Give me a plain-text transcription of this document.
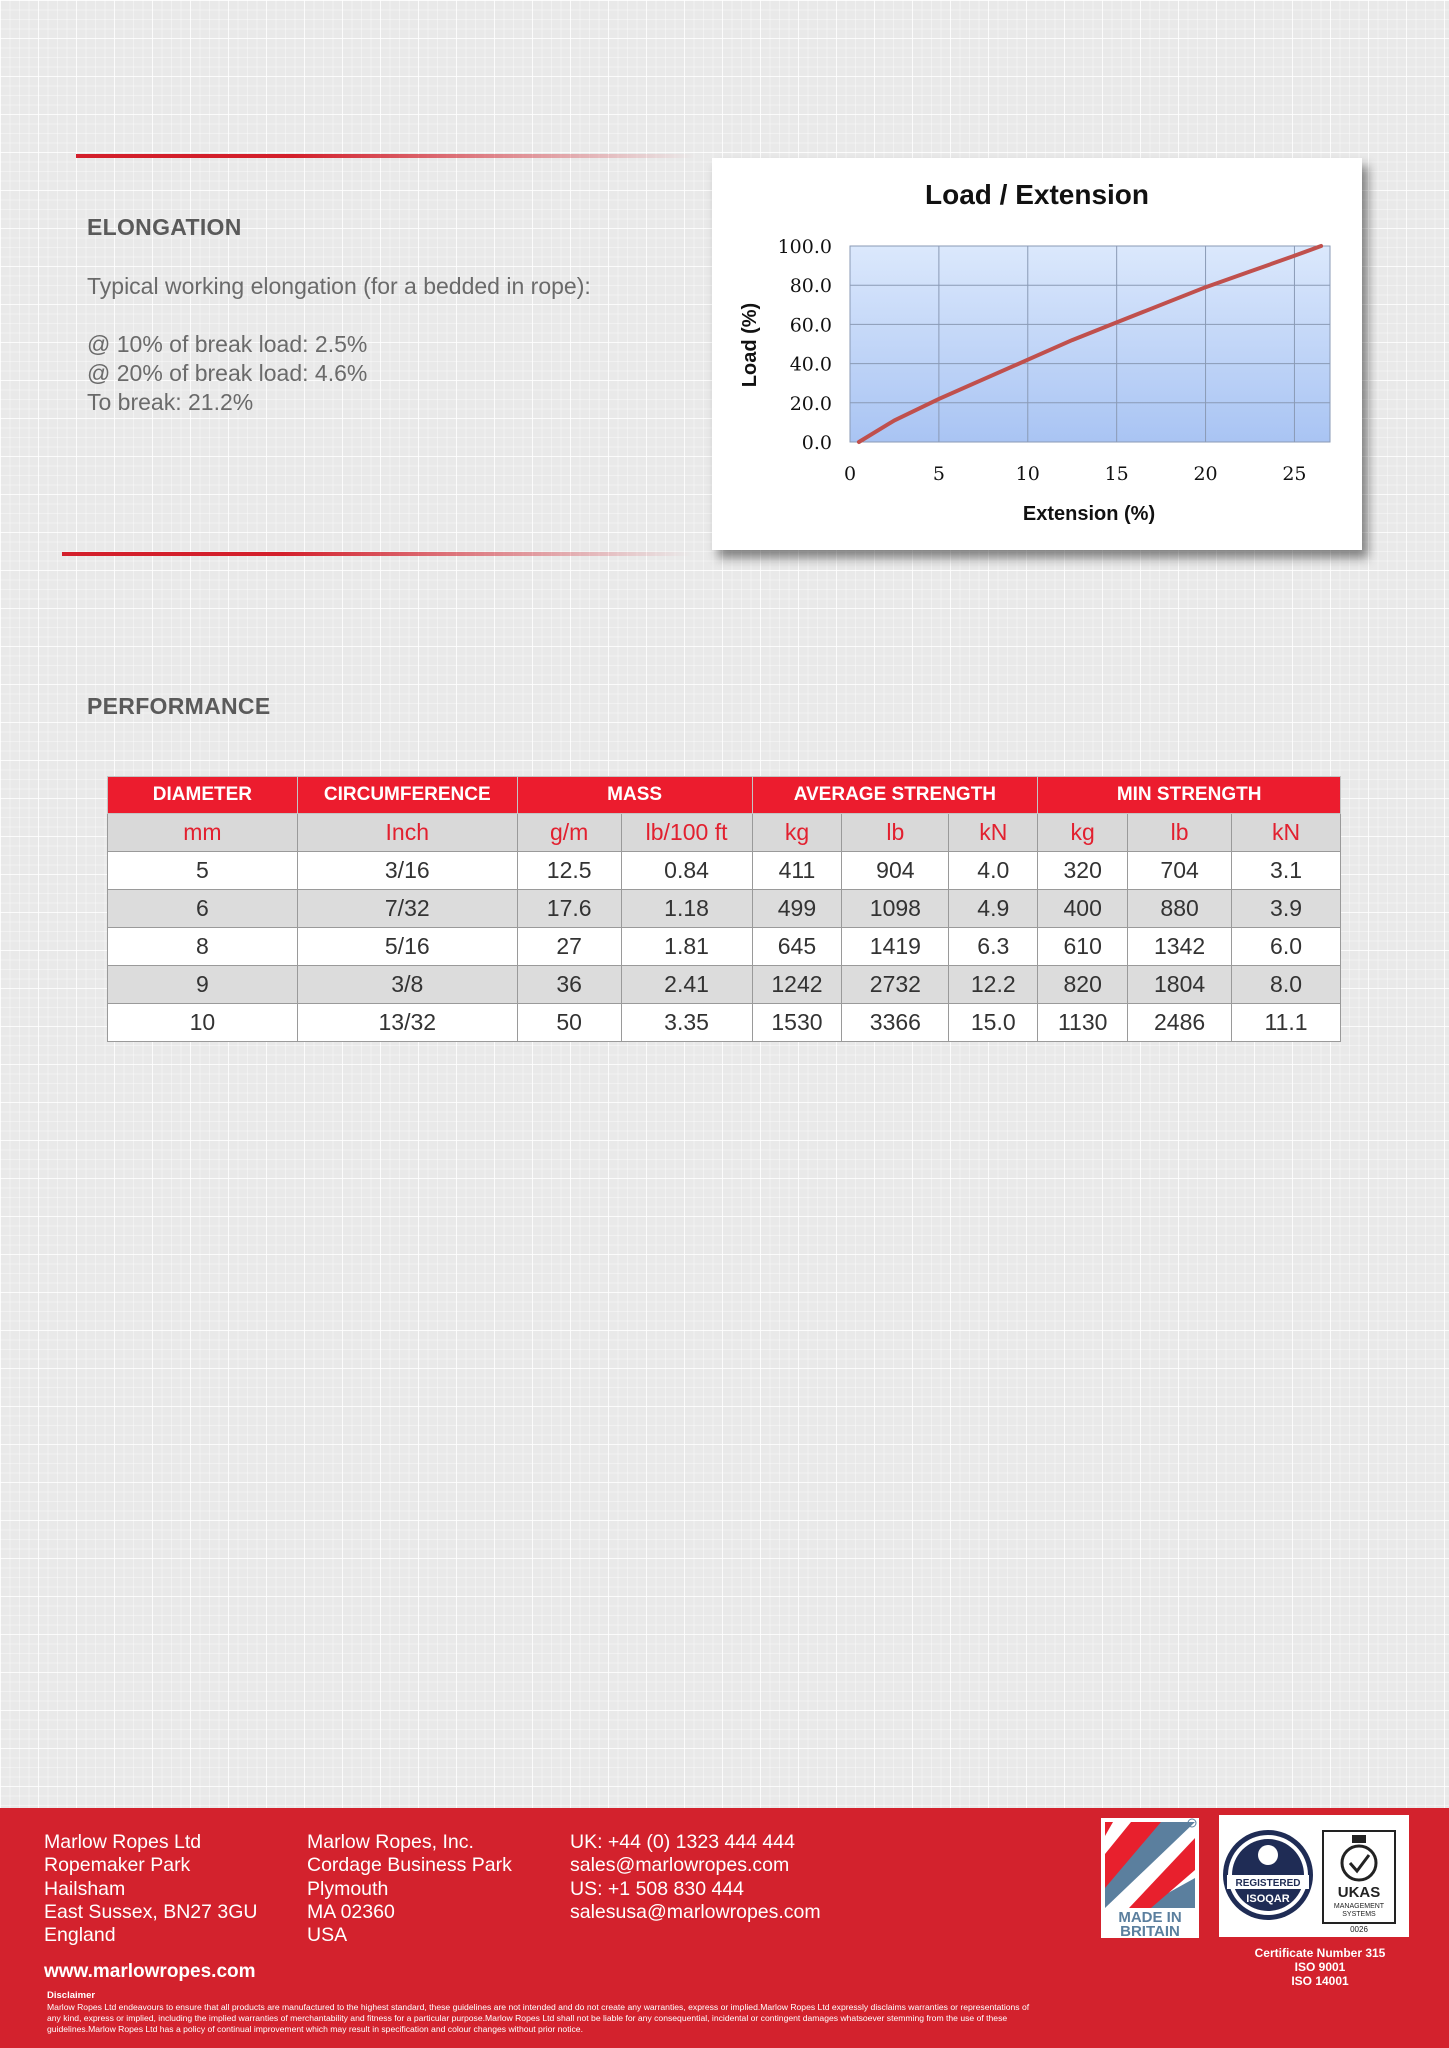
ELONGATION
Typical working elongation (for a bedded in rope):
@ 10% of break load: 2.5%
@ 20% of break load: 4.6%
To break: 21.2%
0	5	10	15	20	25
0.0
20.0
40.0
60.0
80.0
100.0
Load / Extension
Extension (%)
Load (%)
PERFORMANCE
DIAMETER	CIRCUMFERENCE	MASS		AVERAGE STRENGTH			MIN STRENGTH		
mm	Inch	g/m	lb/100 ft	kg	lb	kN	kg	lb	kN
5	3/16	12.5	0.84	411	904	4.0	320	704	3.1
6	7/32	17.6	1.18	499	1098	4.9	400	880	3.9
8	5/16	27	1.81	645	1419	6.3	610	1342	6.0
9	3/8	36	2.41	1242	2732	12.2	820	1804	8.0
10	13/32	50	3.35	1530	3366	15.0	1130	2486	11.1
Marlow Ropes Ltd
Ropemaker Park
Hailsham
East Sussex, BN27 3GU
England
Marlow Ropes, Inc.
Cordage Business Park
Plymouth
MA 02360
USA
UK: +44 (0) 1323 444 444
sales@marlowropes.com
US: +1 508 830 444
salesusa@marlowropes.com
www.marlowropes.com
Disclaimer
Marlow Ropes Ltd endeavours to ensure that all products are manufactured to the highest standard, these guidelines are not intended and do not create any warranties, express or implied.Marlow Ropes Ltd expressly disclaims warranties or representations of any kind, express or implied, including the implied warranties of merchantability and fitness for a particular purpose.Marlow Ropes Ltd shall not be liable for any consequential, incidental or contingent damages whatsoever stemming from the use of these guidelines.Marlow Ropes Ltd has a policy of continual improvement which may result in specification and colour changes without prior notice.
MADE IN
BRITAIN
REGISTERED
ISOQAR	UKAS
MANAGEMENT
SYSTEMS
0026
Certificate Number 315
ISO 9001
ISO 14001
